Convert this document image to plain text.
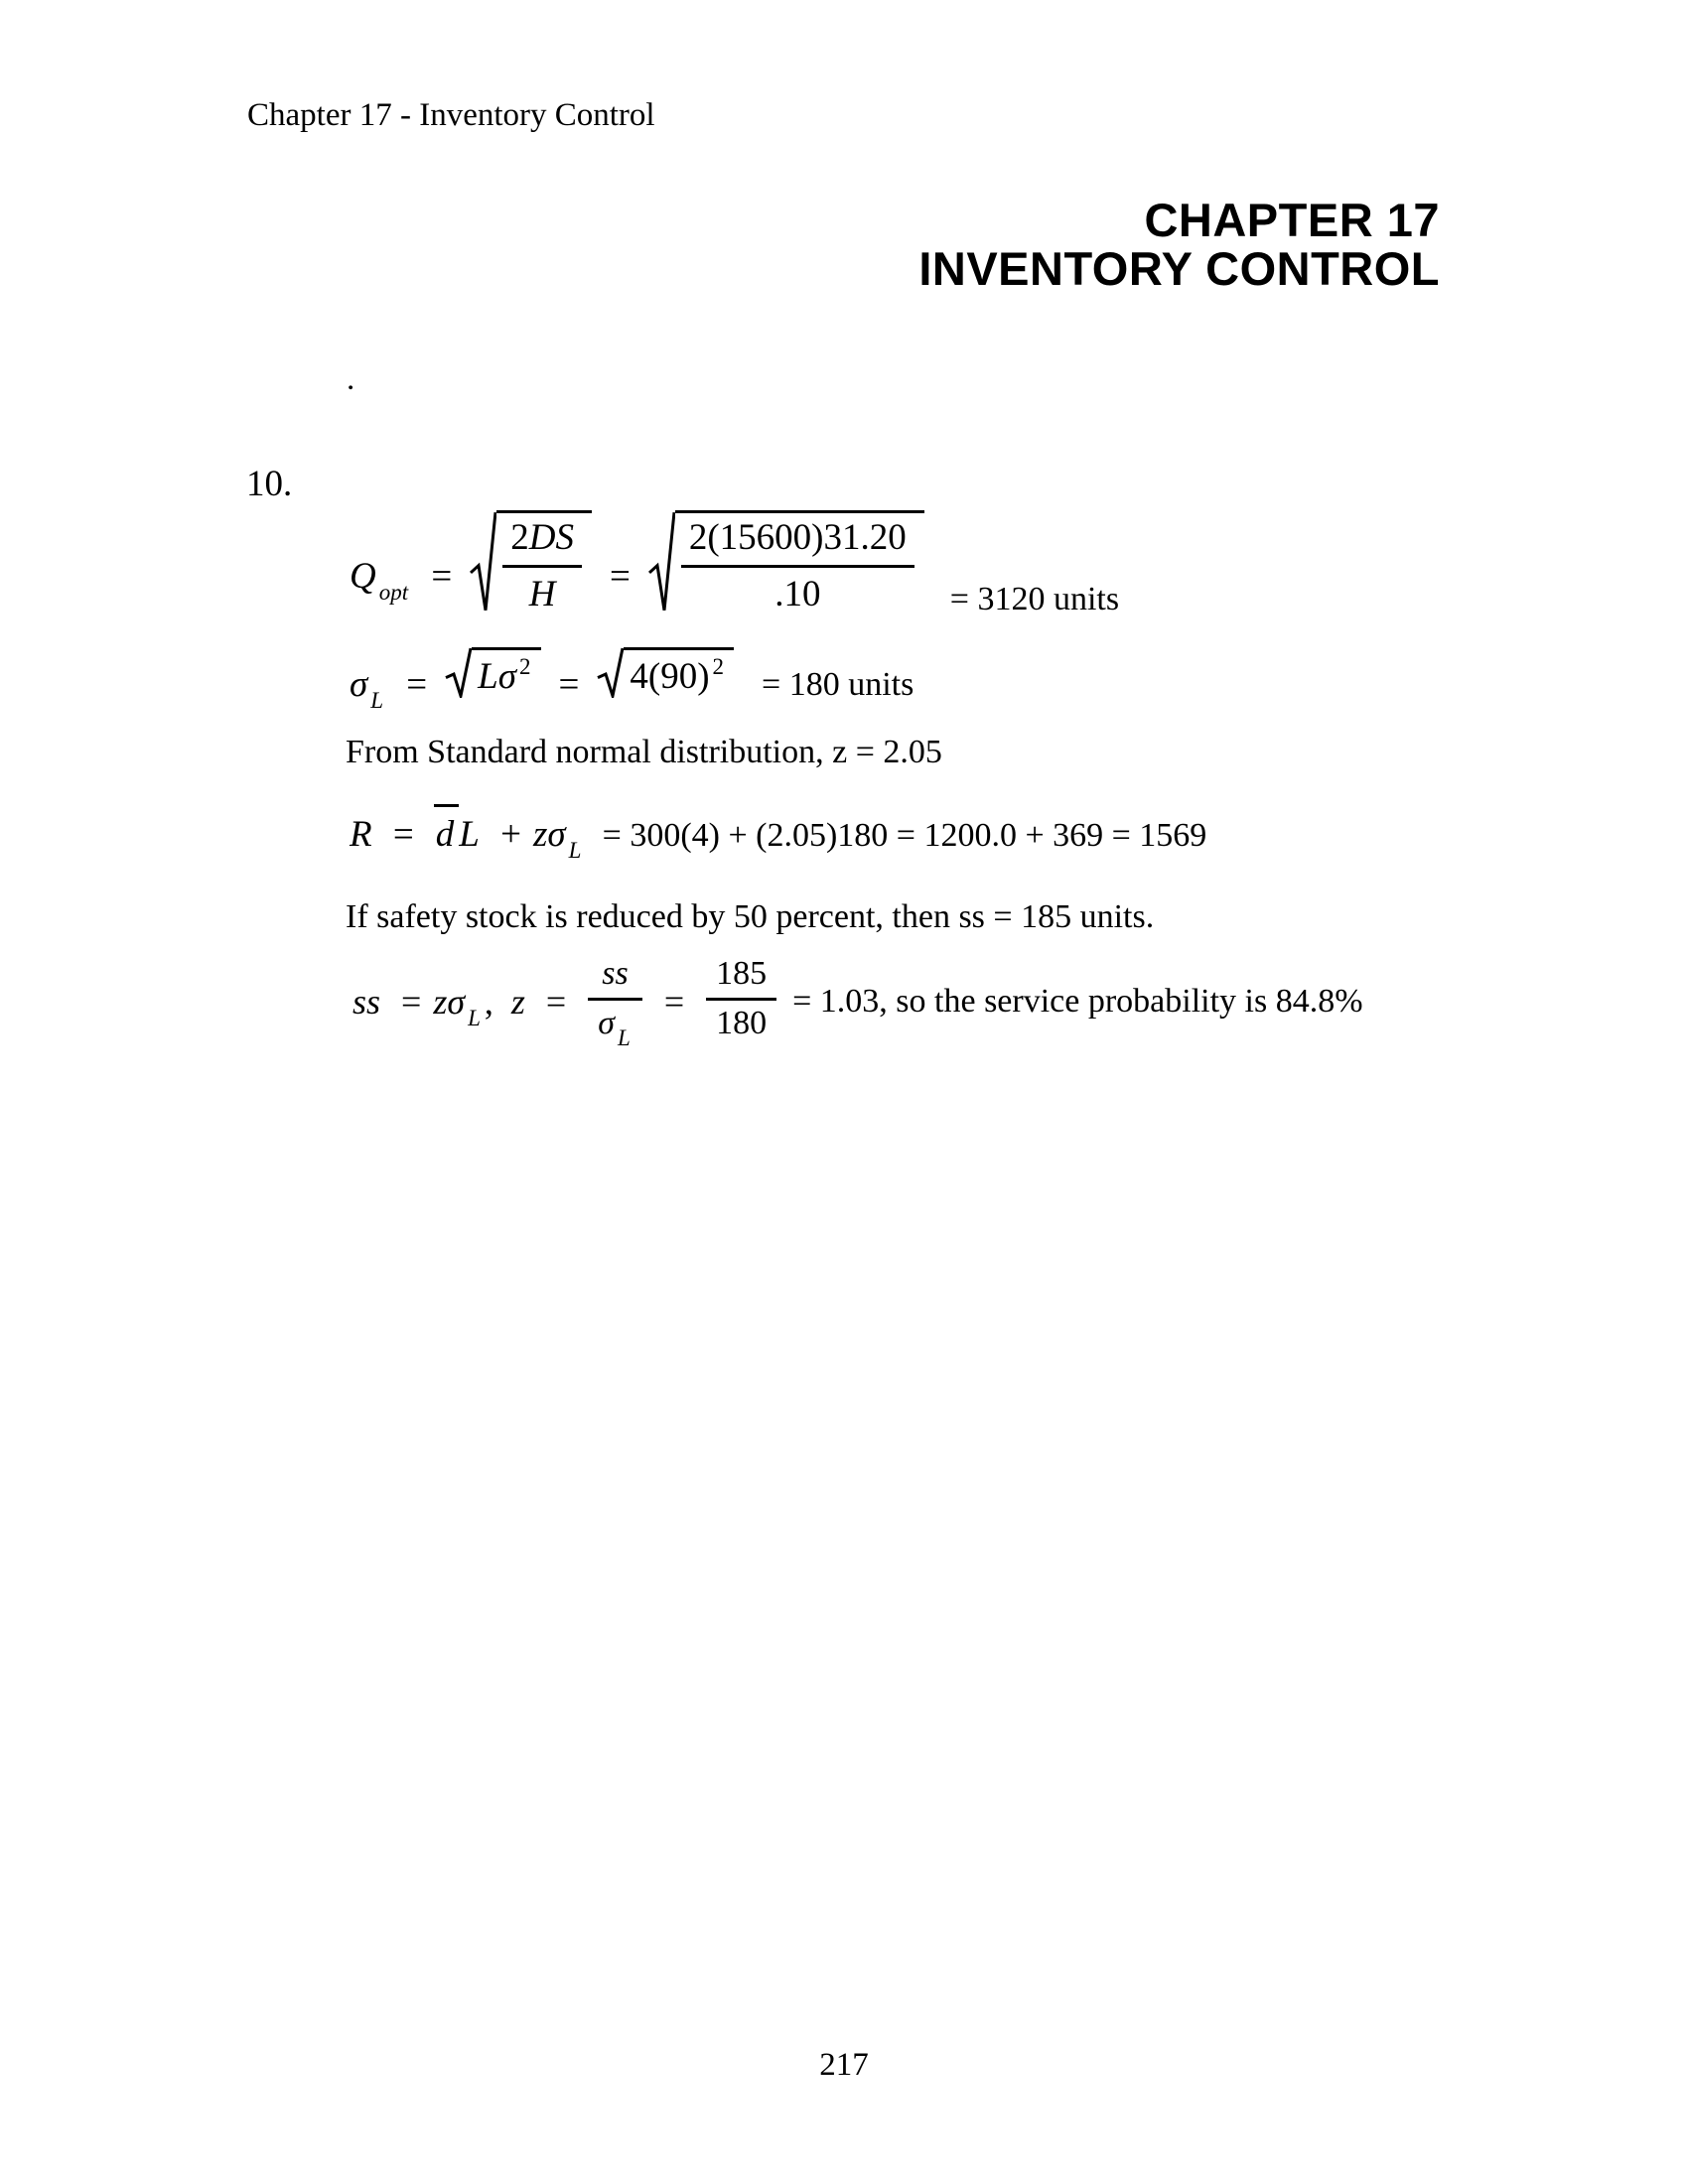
Chapter 17 - Inventory Control
CHAPTER 17
INVENTORY CONTROL
.
10.
Q $_{opt}$ =	$\frac{2DS}{H} = \frac{2(15600)31.20}{.10} = 3120$ units
σ $_L$ =	Lσ 2 = 4(90) 2 = 180 units
From Standard normal distribution, z = 2.05
R = d L + zσ $_L$ = 300(4) + (2.05)180 = 1200.0 + 369 = 1569
If safety stock is reduced by 50 percent, then ss = 185 units.
ss = zσ $_L$ , $z = \frac{ss}{\sigma _L} = \frac{185}{180} = 1.03$, so the service probability is 84.8%
217
